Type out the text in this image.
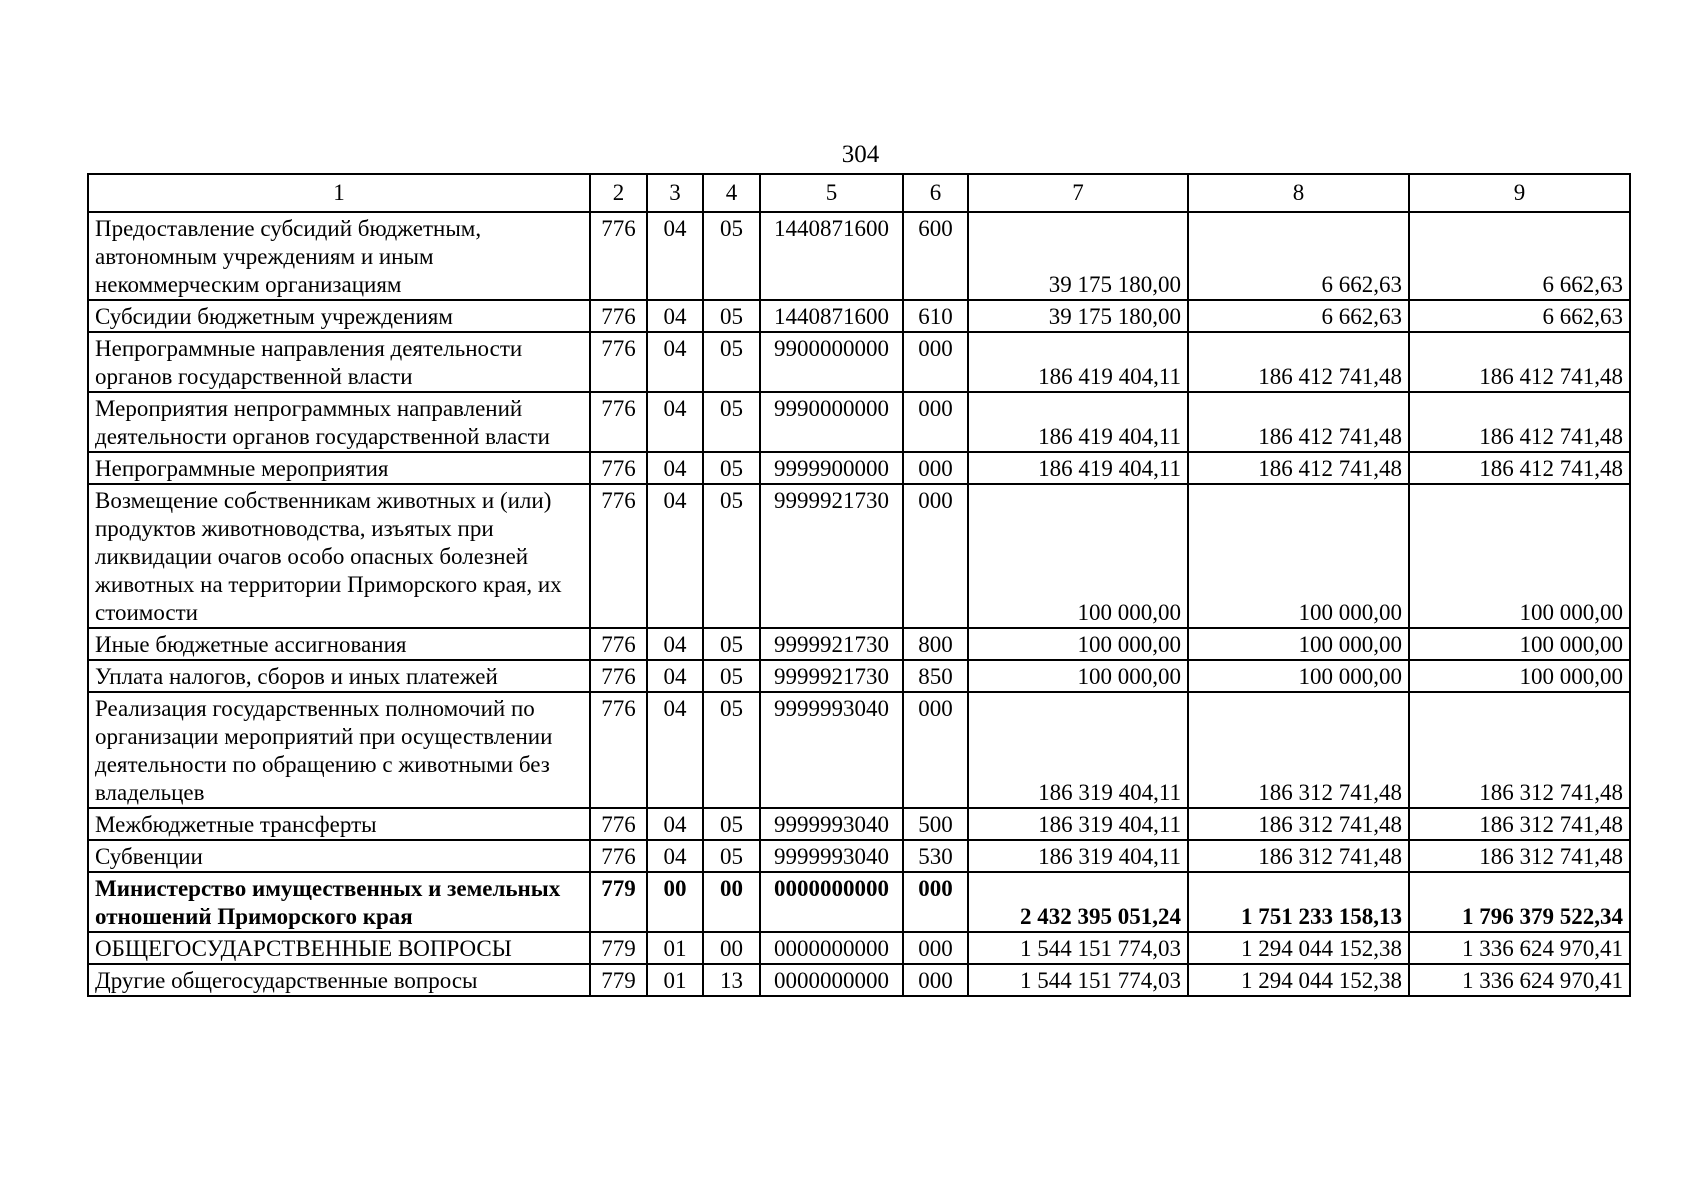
304
1	2	3	4	5	6	7	8	9
Предоставление субсидий бюджетным, автономным учреждениям и иным некоммерческим организациям	776	04	05	1440871600	600	39 175 180,00	6 662,63	6 662,63
Субсидии бюджетным учреждениям	776	04	05	1440871600	610	39 175 180,00	6 662,63	6 662,63
Непрограммные направления деятельности органов государственной власти	776	04	05	9900000000	000	186 419 404,11	186 412 741,48	186 412 741,48
Мероприятия непрограммных направлений деятельности органов государственной власти	776	04	05	9990000000	000	186 419 404,11	186 412 741,48	186 412 741,48
Непрограммные мероприятия	776	04	05	9999900000	000	186 419 404,11	186 412 741,48	186 412 741,48
Возмещение собственникам животных и (или) продуктов животноводства, изъятых при ликвидации очагов особо опасных болезней животных на территории Приморского края, их стоимости	776	04	05	9999921730	000	100 000,00	100 000,00	100 000,00
Иные бюджетные ассигнования	776	04	05	9999921730	800	100 000,00	100 000,00	100 000,00
Уплата налогов, сборов и иных платежей	776	04	05	9999921730	850	100 000,00	100 000,00	100 000,00
Реализация государственных полномочий по организации мероприятий при осуществлении деятельности по обращению с животными без владельцев	776	04	05	9999993040	000	186 319 404,11	186 312 741,48	186 312 741,48
Межбюджетные трансферты	776	04	05	9999993040	500	186 319 404,11	186 312 741,48	186 312 741,48
Субвенции	776	04	05	9999993040	530	186 319 404,11	186 312 741,48	186 312 741,48
Министерство имущественных и земельных отношений Приморского края	779	00	00	0000000000	000	2 432 395 051,24	1 751 233 158,13	1 796 379 522,34
ОБЩЕГОСУДАРСТВЕННЫЕ ВОПРОСЫ	779	01	00	0000000000	000	1 544 151 774,03	1 294 044 152,38	1 336 624 970,41
Другие общегосударственные вопросы	779	01	13	0000000000	000	1 544 151 774,03	1 294 044 152,38	1 336 624 970,41
